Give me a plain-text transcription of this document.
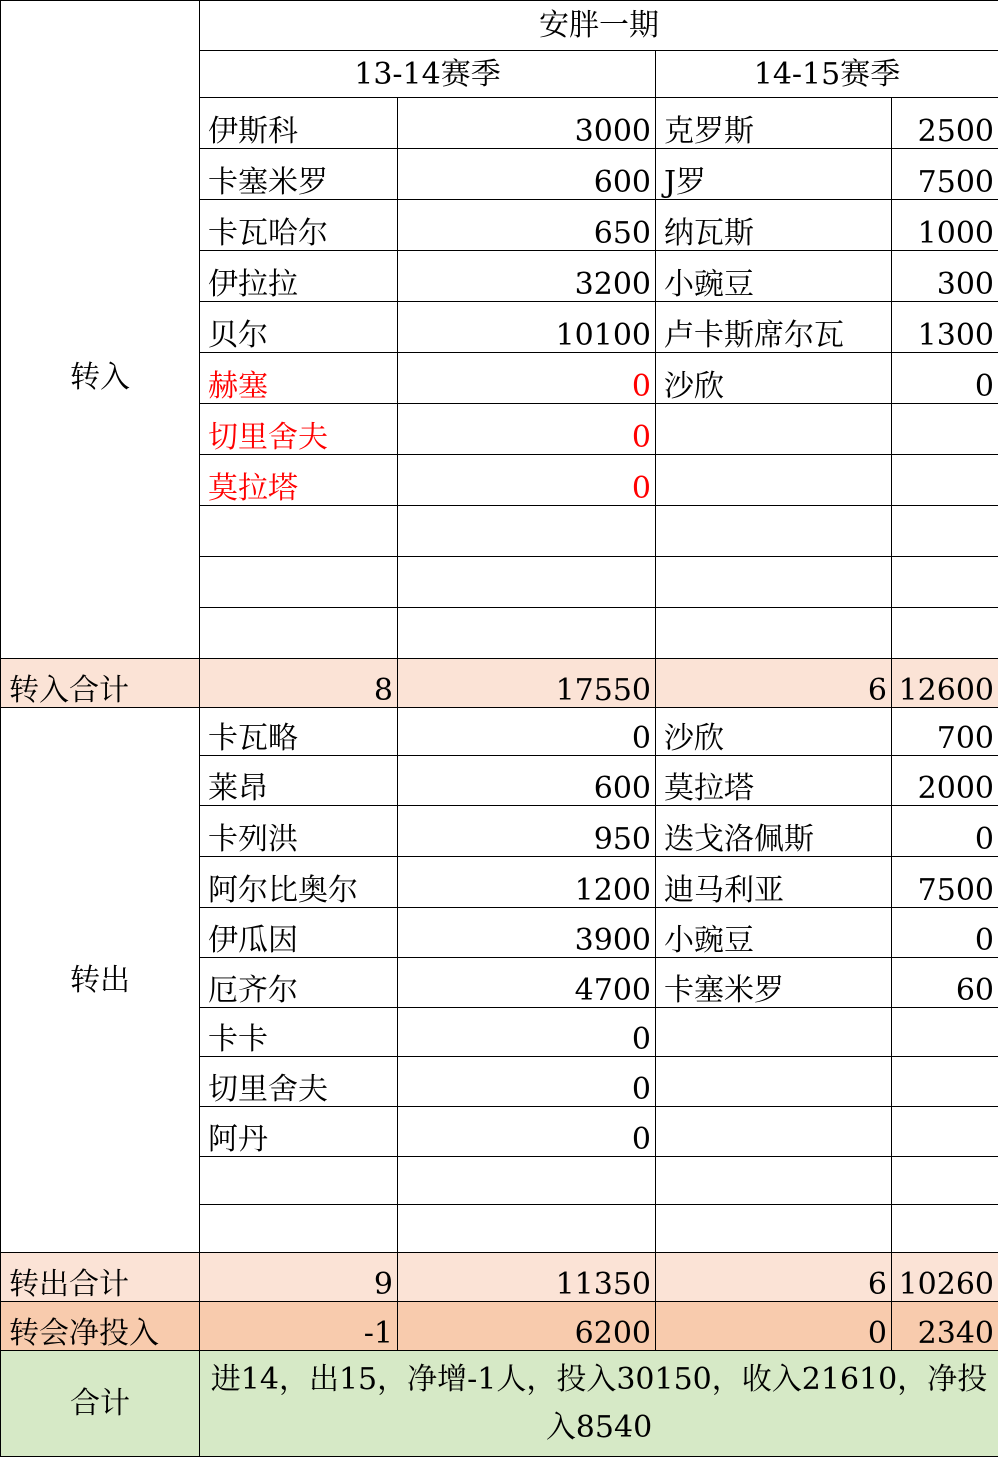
	安胖一期			
	13-14赛季		14-15赛季	
转入	伊斯科	3000	克罗斯	2500
	卡塞米罗	600	J罗	7500
	卡瓦哈尔	650	纳瓦斯	1000
	伊拉拉	3200	小豌豆	300
	贝尔	10100	卢卡斯席尔瓦	1300
	赫塞	0	沙欣	0
	切里舍夫	0		
	莫拉塔	0		

转入合计	8	17550	6	12600
转出	卡瓦略	0	沙欣	700
	莱昂	600	莫拉塔	2000
	卡列洪	950	迭戈洛佩斯	0
	阿尔比奥尔	1200	迪马利亚	7500
	伊瓜因	3900	小豌豆	0
	厄齐尔	4700	卡塞米罗	60
	卡卡	0		
	切里舍夫	0		
	阿丹	0		

转出合计	9	11350	6	10260
转会净投入	-1	6200	0	2340
合计	进14，出15，净增-1人，投入30150，收入21610，净投入8540			
